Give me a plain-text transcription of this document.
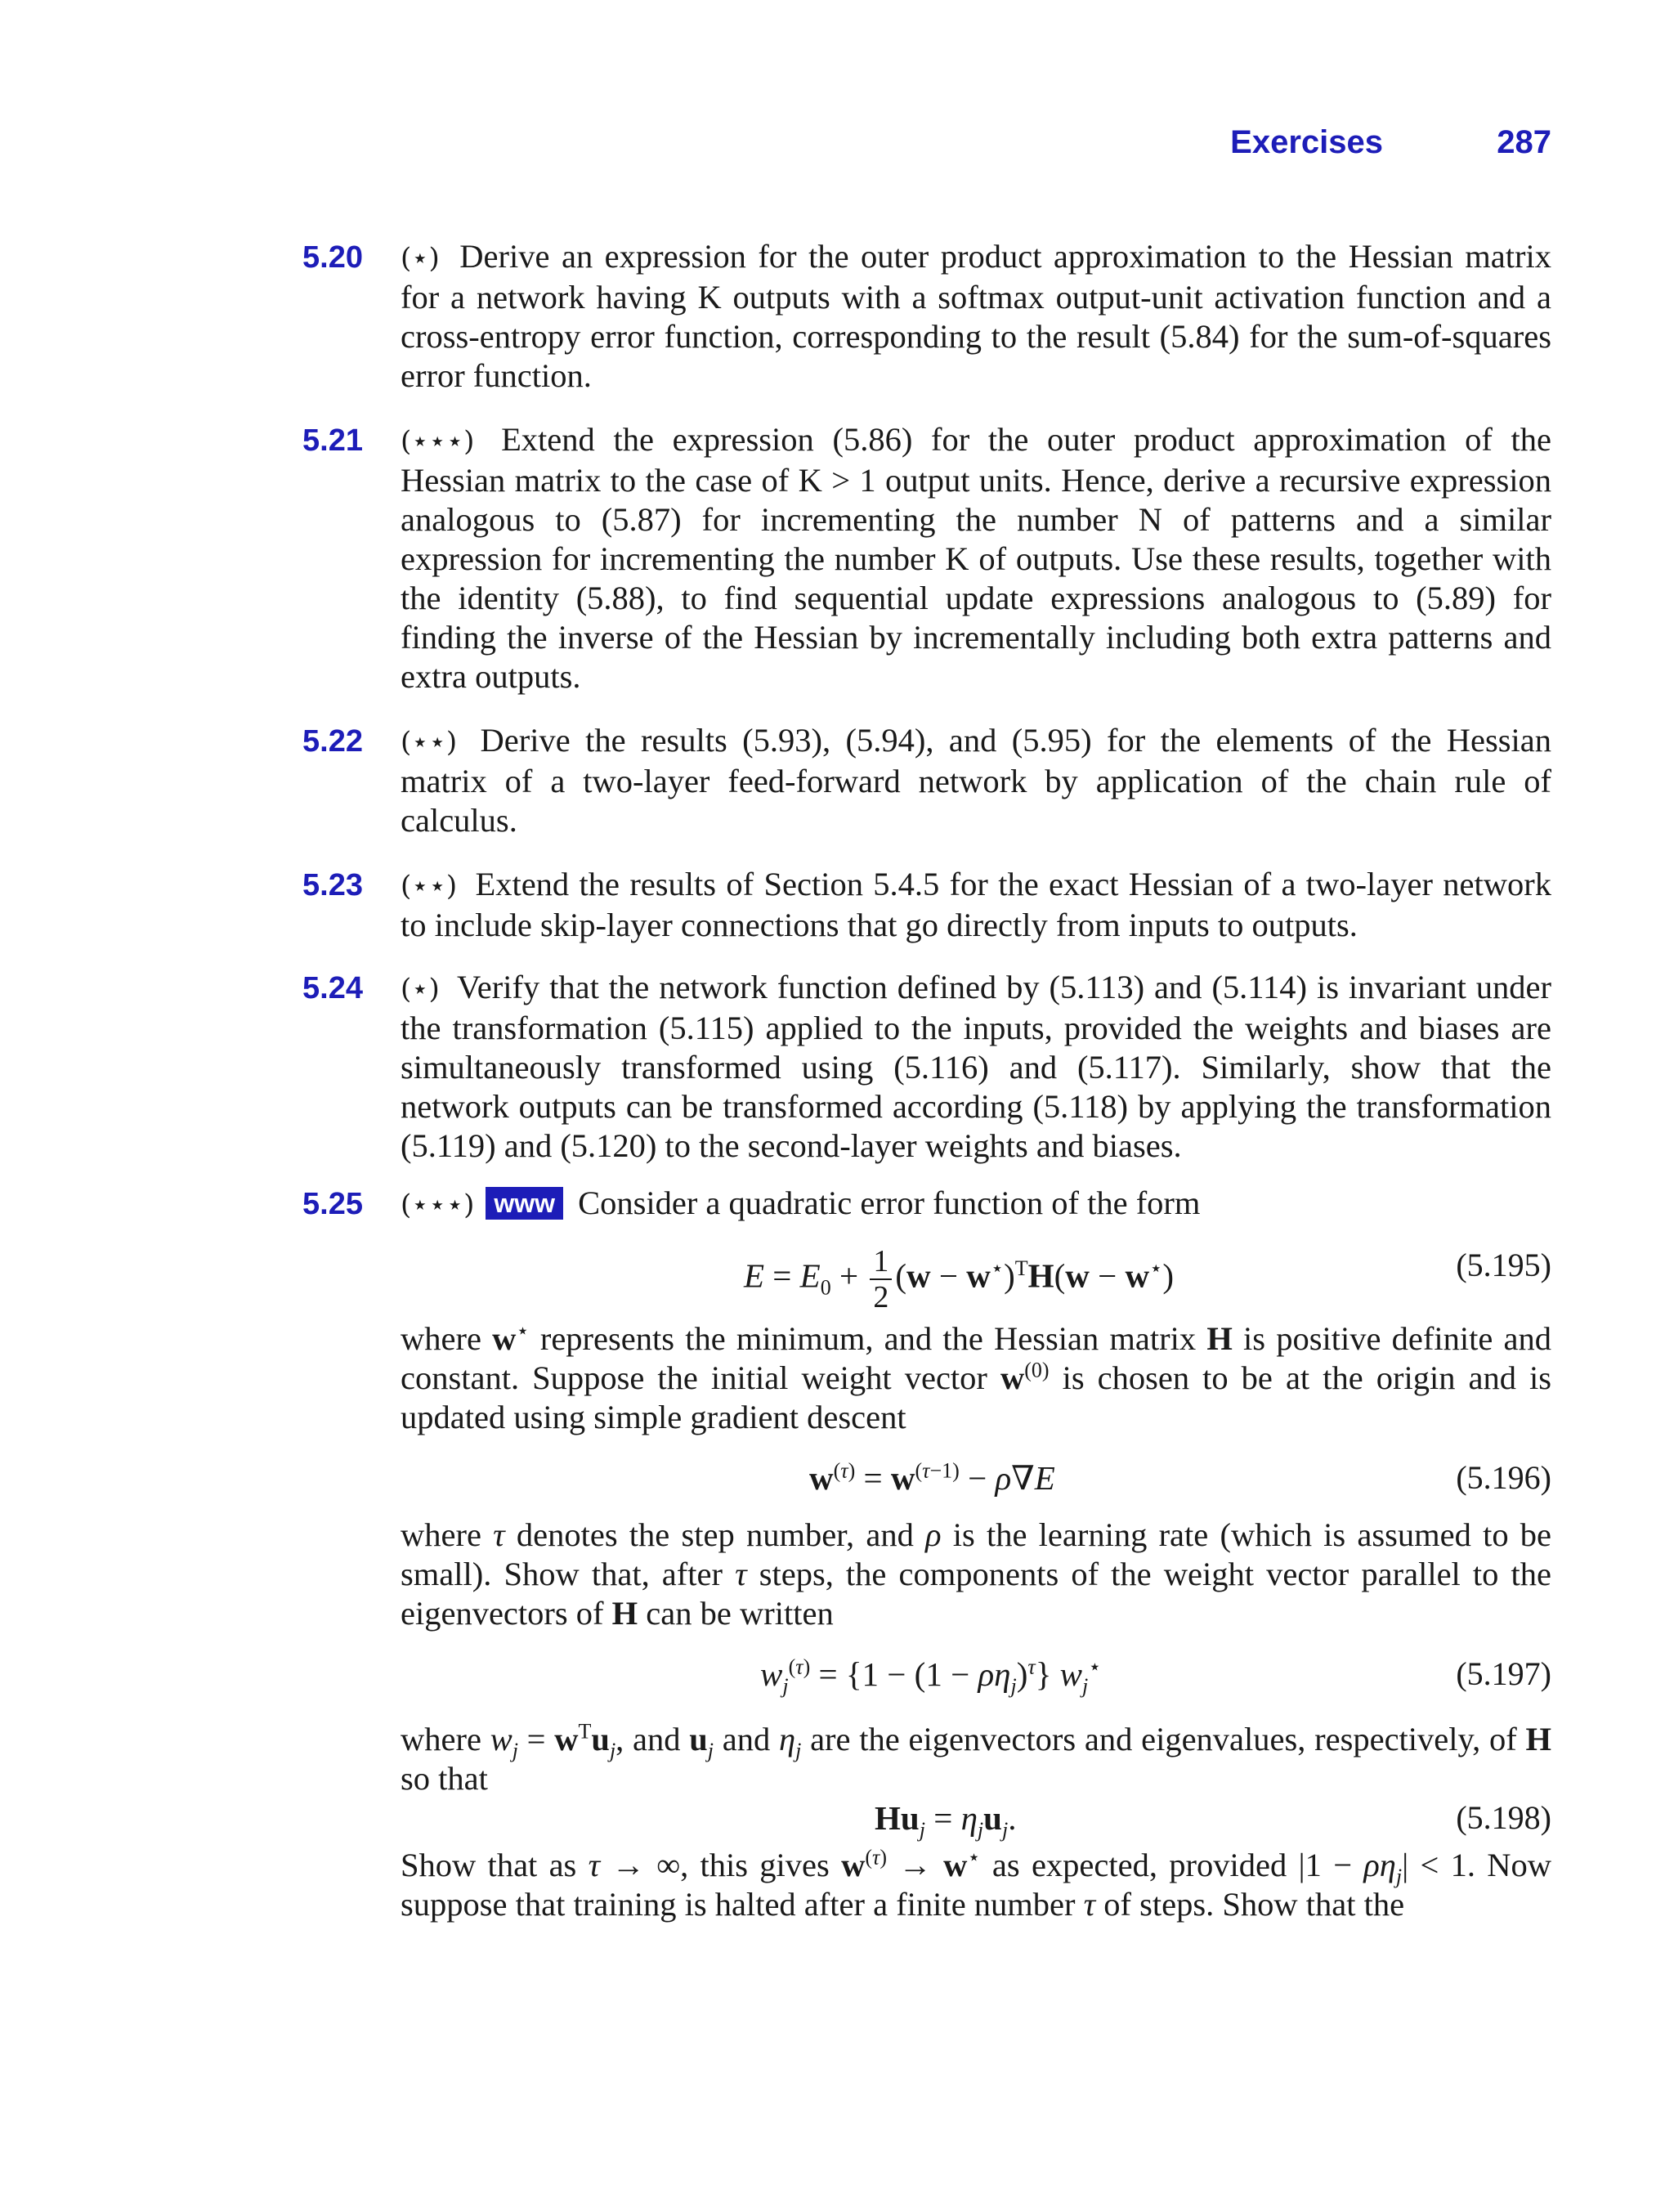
Exercises	287
5.20 (⋆) Derive an expression for the outer product approximation to the Hessian matrix for a network having K outputs with a softmax output-unit activation function and a cross-entropy error function, corresponding to the result (5.84) for the sum-of-squares error function.
5.21 (⋆⋆⋆) Extend the expression (5.86) for the outer product approximation of the Hessian matrix to the case of K > 1 output units. Hence, derive a recursive expression analogous to (5.87) for incrementing the number N of patterns and a similar expression for incrementing the number K of outputs. Use these results, together with the identity (5.88), to find sequential update expressions analogous to (5.89) for finding the inverse of the Hessian by incrementally including both extra patterns and extra outputs.
5.22 (⋆⋆) Derive the results (5.93), (5.94), and (5.95) for the elements of the Hessian matrix of a two-layer feed-forward network by application of the chain rule of calculus.
5.23 (⋆⋆) Extend the results of Section 5.4.5 for the exact Hessian of a two-layer network to include skip-layer connections that go directly from inputs to outputs.
5.24 (⋆) Verify that the network function defined by (5.113) and (5.114) is invariant under the transformation (5.115) applied to the inputs, provided the weights and biases are simultaneously transformed using (5.116) and (5.117). Similarly, show that the network outputs can be transformed according (5.118) by applying the transformation (5.119) and (5.120) to the second-layer weights and biases.
5.25 (⋆⋆⋆) www Consider a quadratic error function of the form

$E = E_0 + \frac{1}{2} (w - w^⋆)^TH(w - w^⋆)$	(5.195)

where w⋆ represents the minimum, and the Hessian matrix H is positive definite and constant. Suppose the initial weight vector $w^{(0)}$ is chosen to be at the origin and is updated using simple gradient descent

$w^{(\tau)} = w^{(\tau-1)} - \rho\nabla E$	(5.196)

where τ denotes the step number, and ρ is the learning rate (which is assumed to be small). Show that, after τ steps, the components of the weight vector parallel to the eigenvectors of H can be written

$w_j^{(\tau)} = \{1 - (1 - \rho\eta_j)^\tau\}$ $w_j^⋆$	(5.197)

where $w_j = w^Tu_j$, and $u_j$ and $\eta_j$ are the eigenvectors and eigenvalues, respectively, of H so that

$Hu_j = \eta_ju_j$.	(5.198)

Show that as τ → ∞, this gives $w^{(\tau)} \to w^⋆$ as expected, provided $|1 - \rho\eta_j| < 1$. Now suppose that training is halted after a finite number τ of steps. Show that the
